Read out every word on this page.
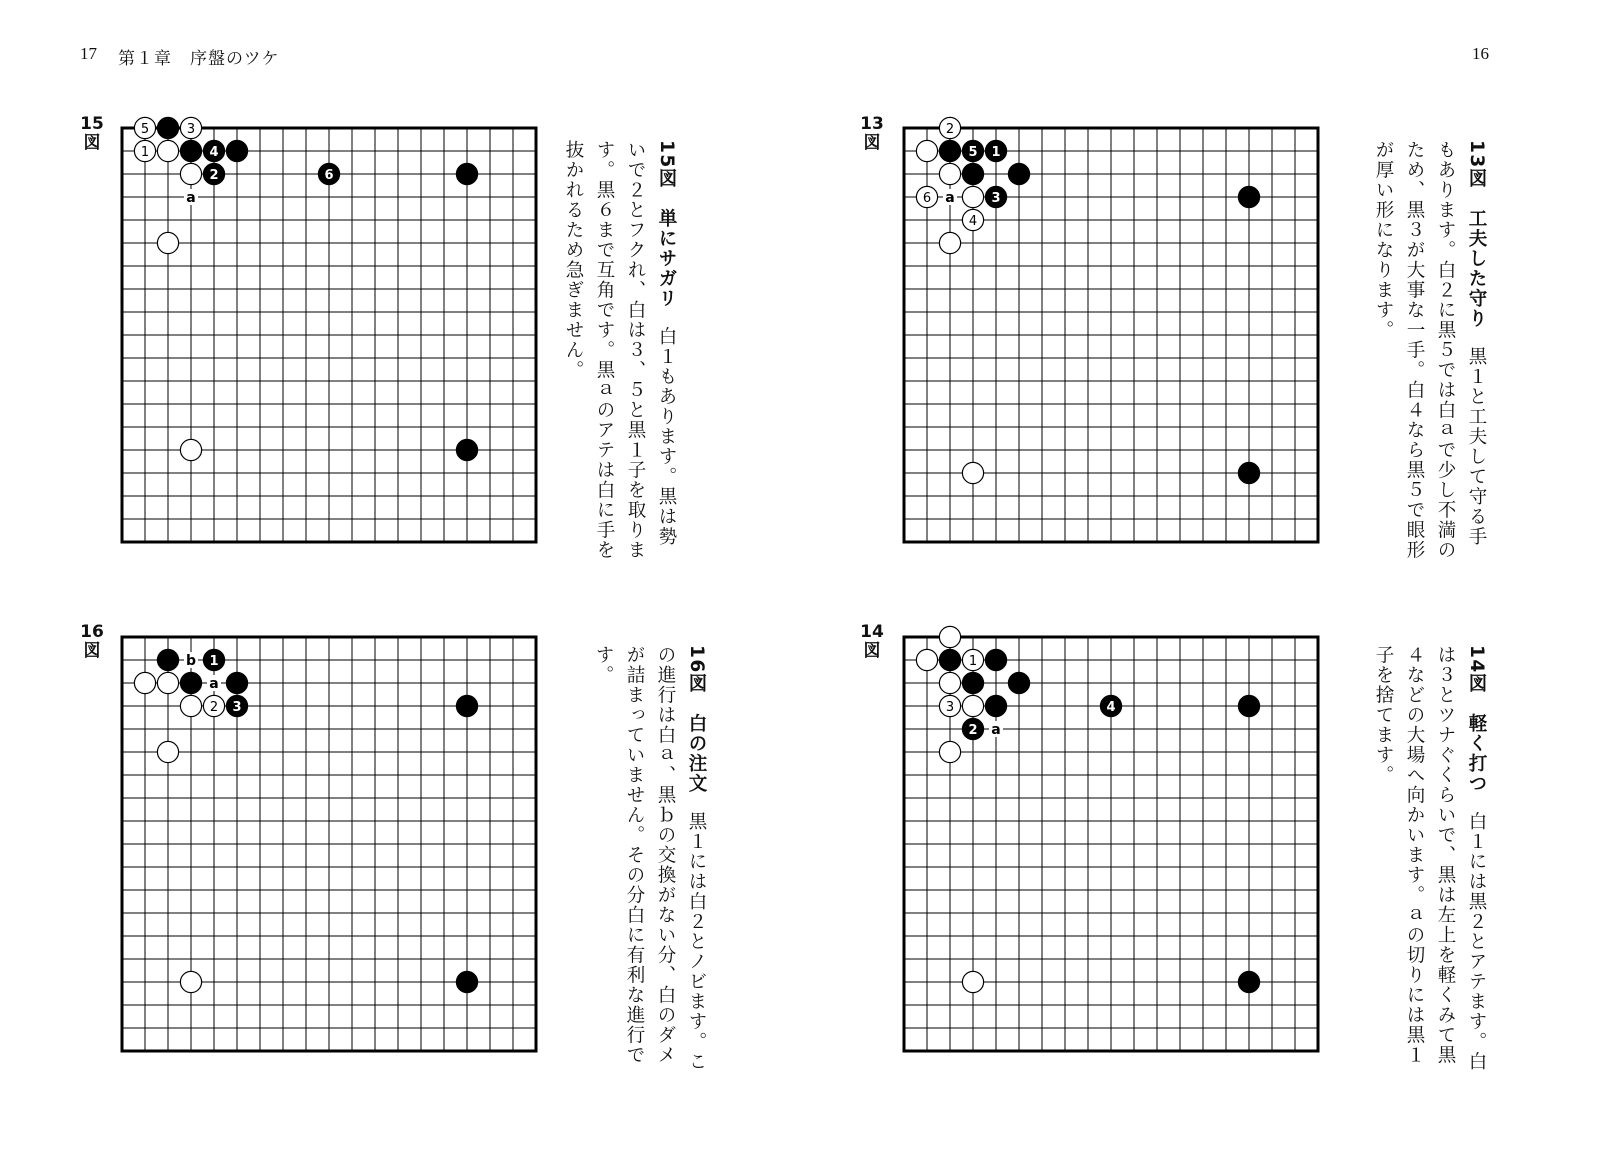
17 第１章　序盤のツケ	16
15
図	4
2	6
5	3
1
a	15図　単にサガリ白１もあります。黒は勢いで２とフクれ、白は３、５と黒１子を取ります。黒６まで互角です。黒ａのアテは白に手を抜かれるため急ぎません。
13
図	5 1
3
2
6
4
a	13図　工夫した守り黒１と工夫して守る手もあります。白２に黒５では白ａで少し不満のため、黒３が大事な一手。白４なら黒５で眼形が厚い形になります。
16
図
1
3
2
b
a	16図　白の注文黒１には白２とノビます。この進行は白ａ、黒ｂの交換がない分、白のダメが詰まっていません。その分白に有利な進行です。
14
図
4
2
1
3
a	14図　軽く打つ白１には黒２とアテます。白は３とツナぐくらいで、黒は左上を軽くみて黒４などの大場へ向かいます。ａの切りには黒１子を捨てます。
